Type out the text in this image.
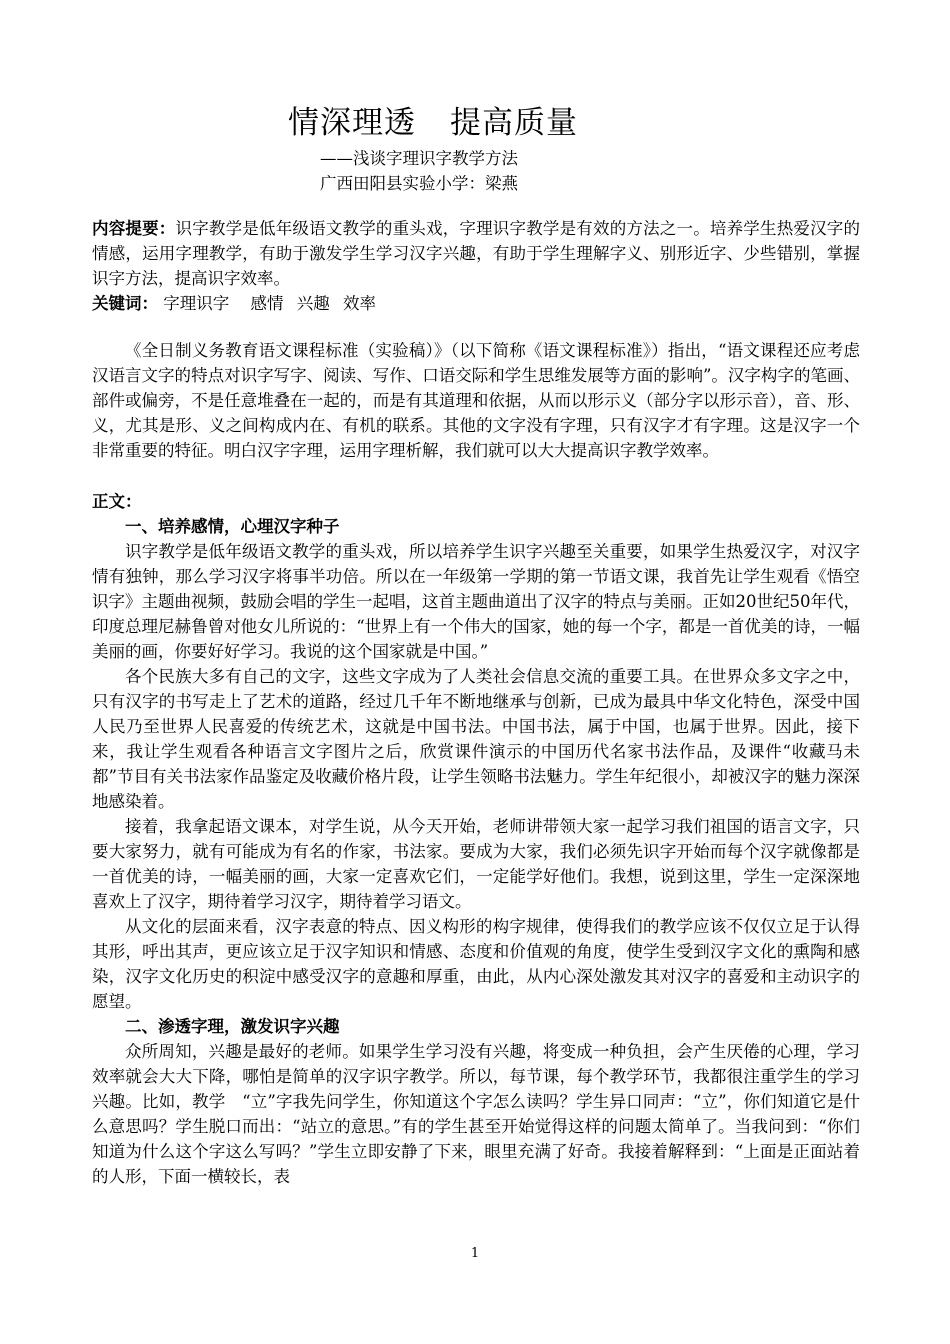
情深理透 提高质量

——浅谈字理识字教学方法

广西田阳县实验小学：梁燕

内容提要：识字教学是低年级语文教学的重头戏，字理识字教学是有效的方法之一。培养学生热爱汉字的情感，运用字理教学，有助于激发学生学习汉字兴趣，有助于学生理解字义、别形近字、少些错别，掌握识字方法，提高识字效率。

关键词： 字理识字 感情 兴趣 效率

《全日制义务教育语文课程标准（实验稿）》（以下简称《语文课程标准》）指出，“语文课程还应考虑汉语言文字的特点对识字写字、阅读、写作、口语交际和学生思维发展等方面的影响”。汉字构字的笔画、部件或偏旁，不是任意堆叠在一起的，而是有其道理和依据，从而以形示义（部分字以形示音），音、形、义，尤其是形、义之间构成内在、有机的联系。其他的文字没有字理，只有汉字才有字理。这是汉字一个非常重要的特征。明白汉字字理，运用字理析解，我们就可以大大提高识字教学效率。

正文：

一、培养感情，心埋汉字种子

识字教学是低年级语文教学的重头戏，所以培养学生识字兴趣至关重要，如果学生热爱汉字，对汉字情有独钟，那么学习汉字将事半功倍。所以在一年级第一学期的第一节语文课，我首先让学生观看《悟空识字》主题曲视频，鼓励会唱的学生一起唱，这首主题曲道出了汉字的特点与美丽。正如20世纪50年代，印度总理尼赫鲁曾对他女儿所说的：“世界上有一个伟大的国家，她的每一个字，都是一首优美的诗，一幅美丽的画，你要好好学习。我说的这个国家就是中国。”

各个民族大多有自己的文字，这些文字成为了人类社会信息交流的重要工具。在世界众多文字之中，只有汉字的书写走上了艺术的道路，经过几千年不断地继承与创新，已成为最具中华文化特色，深受中国人民乃至世界人民喜爱的传统艺术，这就是中国书法。中国书法，属于中国，也属于世界。因此，接下来，我让学生观看各种语言文字图片之后，欣赏课件演示的中国历代名家书法作品，及课件“收藏马未都”节目有关书法家作品鉴定及收藏价格片段，让学生领略书法魅力。学生年纪很小，却被汉字的魅力深深地感染着。

接着，我拿起语文课本，对学生说，从今天开始，老师讲带领大家一起学习我们祖国的语言文字，只要大家努力，就有可能成为有名的作家，书法家。要成为大家，我们必须先识字开始而每个汉字就像都是一首优美的诗，一幅美丽的画，大家一定喜欢它们，一定能学好他们。我想，说到这里，学生一定深深地喜欢上了汉字，期待着学习汉字，期待着学习语文。

从文化的层面来看，汉字表意的特点、因义构形的构字规律，使得我们的教学应该不仅仅立足于认得其形，呼出其声，更应该立足于汉字知识和情感、态度和价值观的角度，使学生受到汉字文化的熏陶和感染，汉字文化历史的积淀中感受汉字的意趣和厚重，由此，从内心深处激发其对汉字的喜爱和主动识字的愿望。

二、渗透字理，激发识字兴趣

众所周知，兴趣是最好的老师。如果学生学习没有兴趣，将变成一种负担，会产生厌倦的心理，学习效率就会大大下降，哪怕是简单的汉字识字教学。所以，每节课，每个教学环节，我都很注重学生的学习兴趣。比如，教学　“立”字我先问学生，你知道这个字怎么读吗？学生异口同声：“立”，你们知道它是什么意思吗？学生脱口而出：“站立的意思。”有的学生甚至开始觉得这样的问题太简单了。当我问到：“你们知道为什么这个字这么写吗？”学生立即安静了下来，眼里充满了好奇。我接着解释到：“上面是正面站着的人形，下面一横较长，表

1
